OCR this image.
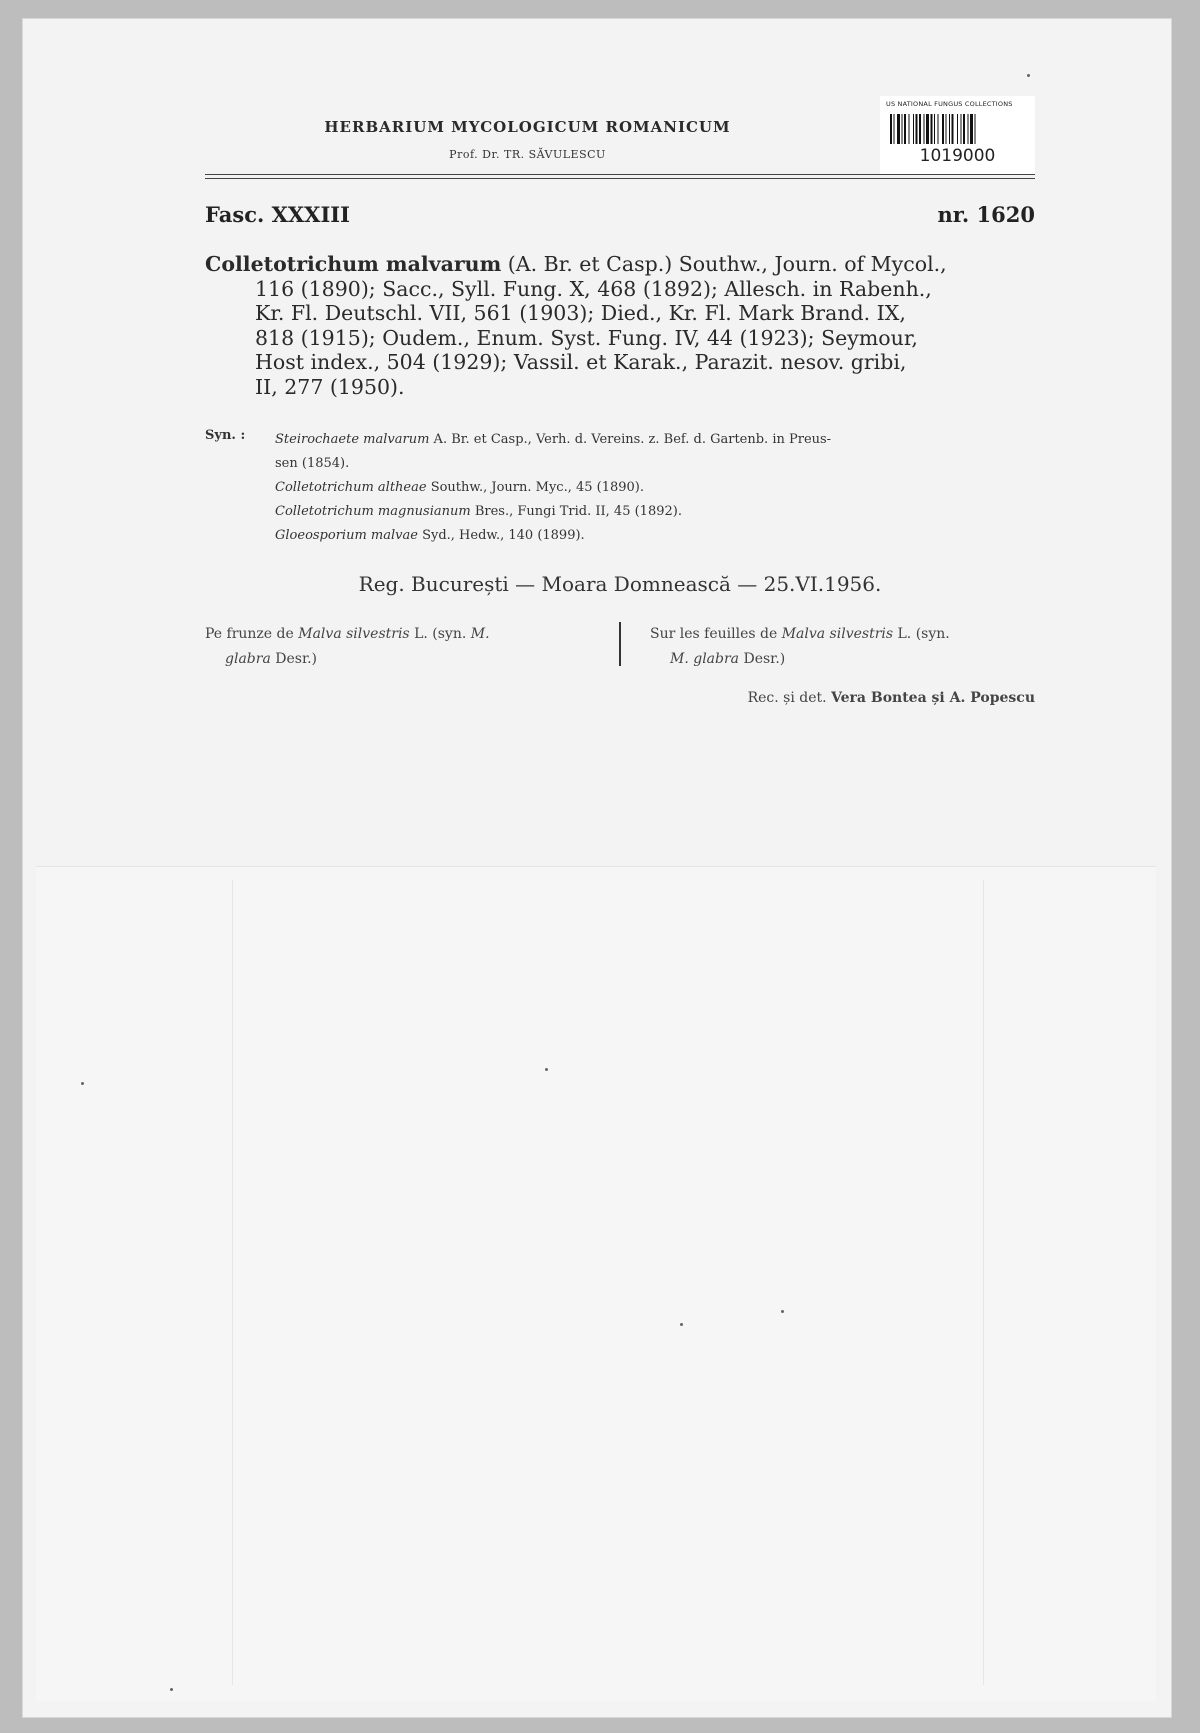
HERBARIUM MYCOLOGICUM ROMANICUM
Prof. Dr. TR. SĂVULESCU
US NATIONAL FUNGUS COLLECTIONS
1019000
Fasc. XXXIII	nr. 1620
Colletotrichum malvarum (A. Br. et Casp.) Southw., Journ. of Mycol.,
116 (1890); Sacc., Syll. Fung. X, 468 (1892); Allesch. in Rabenh.,
Kr. Fl. Deutschl. VII, 561 (1903); Died., Kr. Fl. Mark Brand. IX,
818 (1915); Oudem., Enum. Syst. Fung. IV, 44 (1923); Seymour,
Host index., 504 (1929); Vassil. et Karak., Parazit. nesov. gribi,
II, 277 (1950).
Syn. : Steirochaete malvarum A. Br. et Casp., Verh. d. Vereins. z. Bef. d. Gartenb. in Preus-
sen (1854).
Colletotrichum altheae Southw., Journ. Myc., 45 (1890).
Colletotrichum magnusianum Bres., Fungi Trid. II, 45 (1892).
Gloeosporium malvae Syd., Hedw., 140 (1899).
Reg. București — Moara Domnească — 25.VI.1956.
Pe frunze de Malva silvestris L. (syn. M.
glabra Desr.)
Sur les feuilles de Malva silvestris L. (syn.
M. glabra Desr.)
Rec. și det. Vera Bontea și A. Popescu
